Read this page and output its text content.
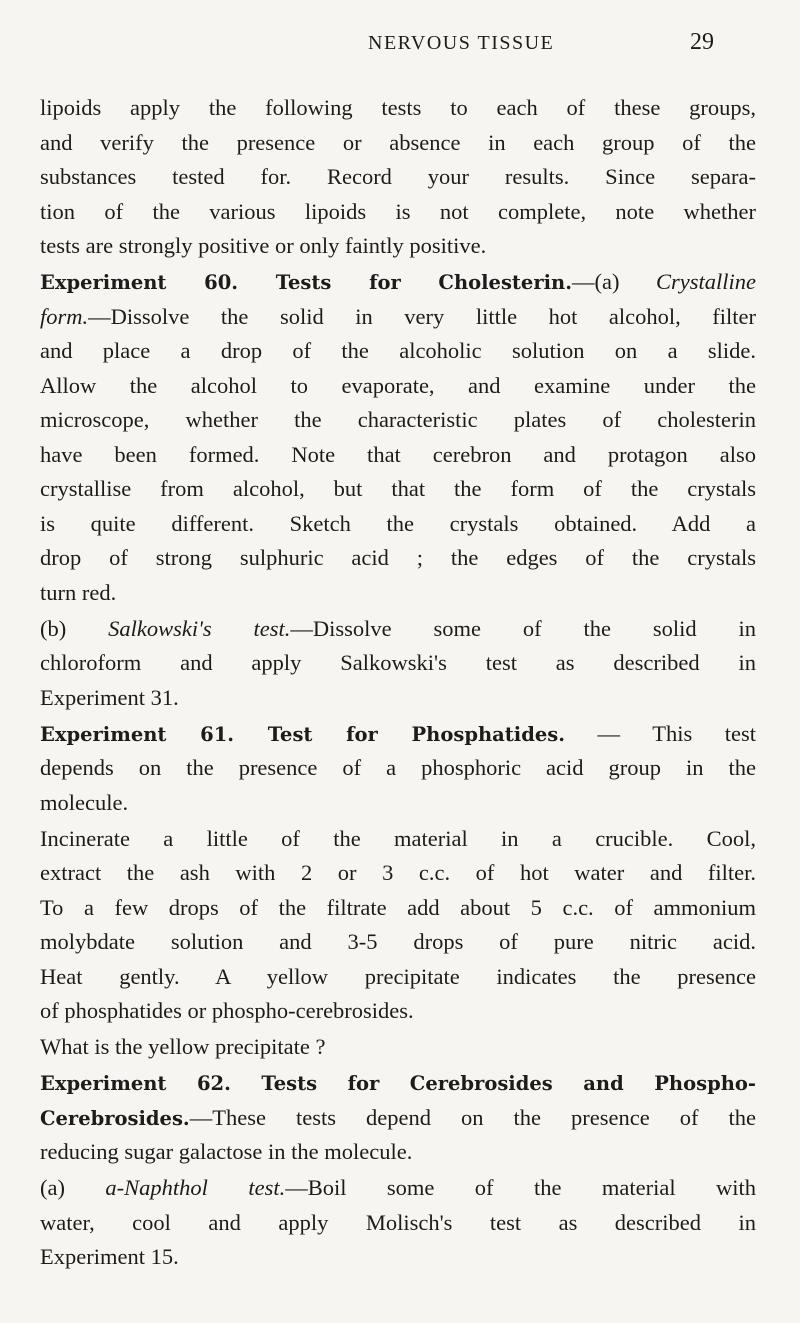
NERVOUS TISSUE	29
lipoids apply the following tests to each of these groups,
and verify the presence or absence in each group of the
substances tested for. Record your results. Since separa-
tion of the various lipoids is not complete, note whether
tests are strongly positive or only faintly positive.
Experiment 60. Tests for Cholesterin.—(a) Crystalline
form.—Dissolve the solid in very little hot alcohol, filter
and place a drop of the alcoholic solution on a slide.
Allow the alcohol to evaporate, and examine under the
microscope, whether the characteristic plates of cholesterin
have been formed. Note that cerebron and protagon also
crystallise from alcohol, but that the form of the crystals
is quite different. Sketch the crystals obtained. Add a
drop of strong sulphuric acid ; the edges of the crystals
turn red.
(b) Salkowski's test.—Dissolve some of the solid in
chloroform and apply Salkowski's test as described in
Experiment 31.
Experiment 61. Test for Phosphatides. — This test
depends on the presence of a phosphoric acid group in the
molecule.
Incinerate a little of the material in a crucible. Cool,
extract the ash with 2 or 3 c.c. of hot water and filter.
To a few drops of the filtrate add about 5 c.c. of ammonium
molybdate solution and 3-5 drops of pure nitric acid.
Heat gently. A yellow precipitate indicates the presence
of phosphatides or phospho-cerebrosides.
What is the yellow precipitate ?
Experiment 62. Tests for Cerebrosides and Phospho-
Cerebrosides.—These tests depend on the presence of the
reducing sugar galactose in the molecule.
(a) a-Naphthol test.—Boil some of the material with
water, cool and apply Molisch's test as described in
Experiment 15.
